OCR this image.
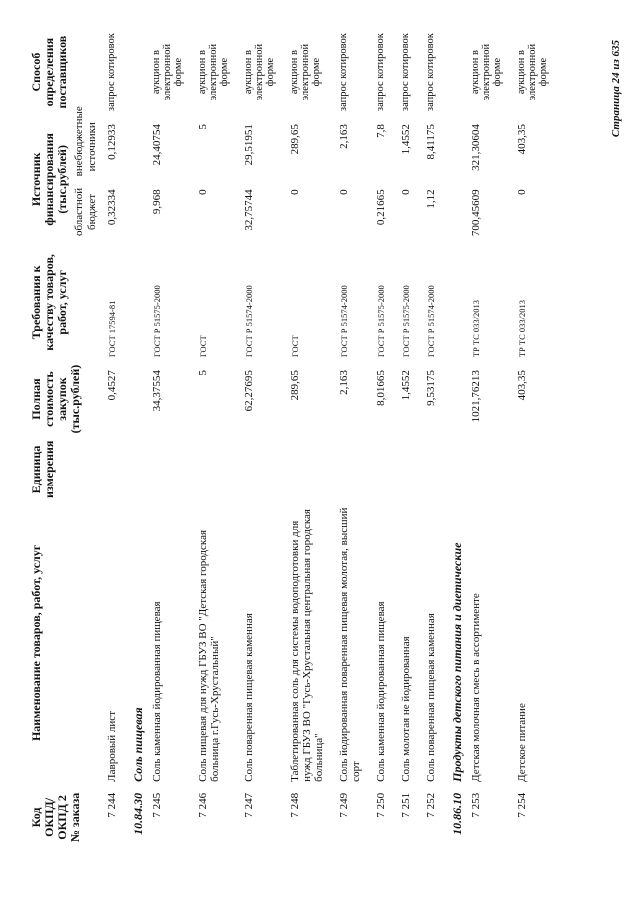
Код ОКПД/ ОКПД 2 № заказа	Наименование товаров, работ, услуг	Единица измерения	Полная стоимость закупок (тыс.рублей)	Требования к качеству товаров, работ, услуг	Источник финансирования (тыс.рублей)		Способ определения поставщиков
					областной бюджет	внебюджетные источники	
7 244	Лавровый лист		0,4527	ГОСТ 17594-81	0,32334	0,12933	запрос котировок
10.84.30	Соль пищевая						
7 245	Соль каменная йодированная пищевая		34,37554	ГОСТ Р 51575-2000	9,968	24,40754	аукцион в электронной форме
7 246	Соль пищевая для нужд ГБУЗ ВО "Детская городская больница г.Гусь-Хрустальный"		5	ГОСТ	0	5	аукцион в электронной форме
7 247	Соль поваренная пищевая каменная		62,27695	ГОСТ Р 51574-2000	32,75744	29,51951	аукцион в электронной форме
7 248	Таблетированная соль для системы водоподготовки для нужд ГБУЗ ВО "Гусь-Хрустальная центральная городская больница"		289,65	ГОСТ	0	289,65	аукцион в электронной форме
7 249	Соль йодированная поваренная пищевая молотая, высший сорт		2,163	ГОСТ Р 51574-2000	0	2,163	запрос котировок
7 250	Соль каменная йодированная пищевая		8,01665	ГОСТ Р 51575-2000	0,21665	7,8	запрос котировок
7 251	Соль молотая не йодированная		1,4552	ГОСТ Р 51575-2000	0	1,4552	запрос котировок
7 252	Соль поваренная пищевая каменная		9,53175	ГОСТ Р 51574-2000	1,12	8,41175	запрос котировок
10.86.10	Продукты детского питания и диетические						
7 253	Детская молочная смесь в ассортименте		1021,76213	ТР ТС 033/2013	700,45609	321,30604	аукцион в электронной форме
7 254	Детское питание		403,35	ТР ТС 033/2013	0	403,35	аукцион в электронной форме	Страница 24 из 635
